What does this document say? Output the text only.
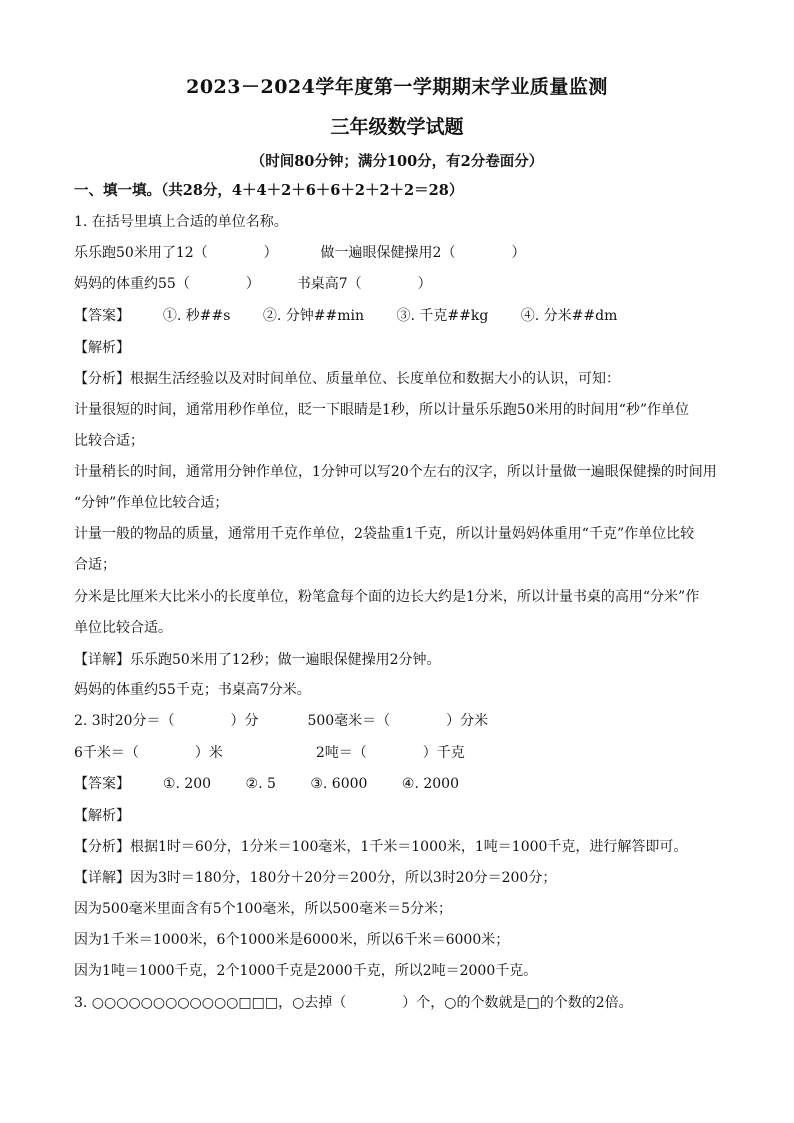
2023－2024学年度第一学期期末学业质量监测
三年级数学试题
（时间80分钟；满分100分，有2分卷面分）
一、填一填。（共28分，4＋4＋2＋6＋6＋2＋2＋2＝28）
1. 在括号里填上合适的单位名称。
乐乐跑50米用了12（　　　　）	做一遍眼保健操用2（　　　　）
妈妈的体重约55（　　　　）	书桌高7（　　　　）
【答案】 ①. 秒##s ②. 分钟##min ③. 千克##kg ④. 分米##dm
【解析】
【分析】根据生活经验以及对时间单位、质量单位、长度单位和数据大小的认识，可知：
计量很短的时间，通常用秒作单位，眨一下眼睛是1秒，所以计量乐乐跑50米用的时间用“秒”作单位
比较合适；
计量稍长的时间，通常用分钟作单位，1分钟可以写20个左右的汉字，所以计量做一遍眼保健操的时间用
“分钟”作单位比较合适；
计量一般的物品的质量，通常用千克作单位，2袋盐重1千克，所以计量妈妈体重用“千克”作单位比较
合适；
分米是比厘米大比米小的长度单位，粉笔盒每个面的边长大约是1分米，所以计量书桌的高用“分米”作
单位比较合适。
【详解】乐乐跑50米用了12秒；做一遍眼保健操用2分钟。
妈妈的体重约55千克；书桌高7分米。
2. 3时20分＝（　　　　）分	500毫米＝（　　　　）分米
6千米＝（　　　　）米	2吨＝（　　　　）千克
【答案】 ①. 200 ②. 5 ③. 6000 ④. 2000
【解析】
【分析】根据1时＝60分，1分米＝100毫米，1千米＝1000米，1吨＝1000千克，进行解答即可。
【详解】因为3时＝180分，180分＋20分＝200分，所以3时20分＝200分；
因为500毫米里面含有5个100毫米，所以500毫米＝5分米；
因为1千米＝1000米，6个1000米是6000米，所以6千米＝6000米；
因为1吨＝1000千克，2个1000千克是2000千克，所以2吨＝2000千克。
3. ○○○○○○○○○○○○□□□，○去掉（　　　　）个，○的个数就是□的个数的2倍。
